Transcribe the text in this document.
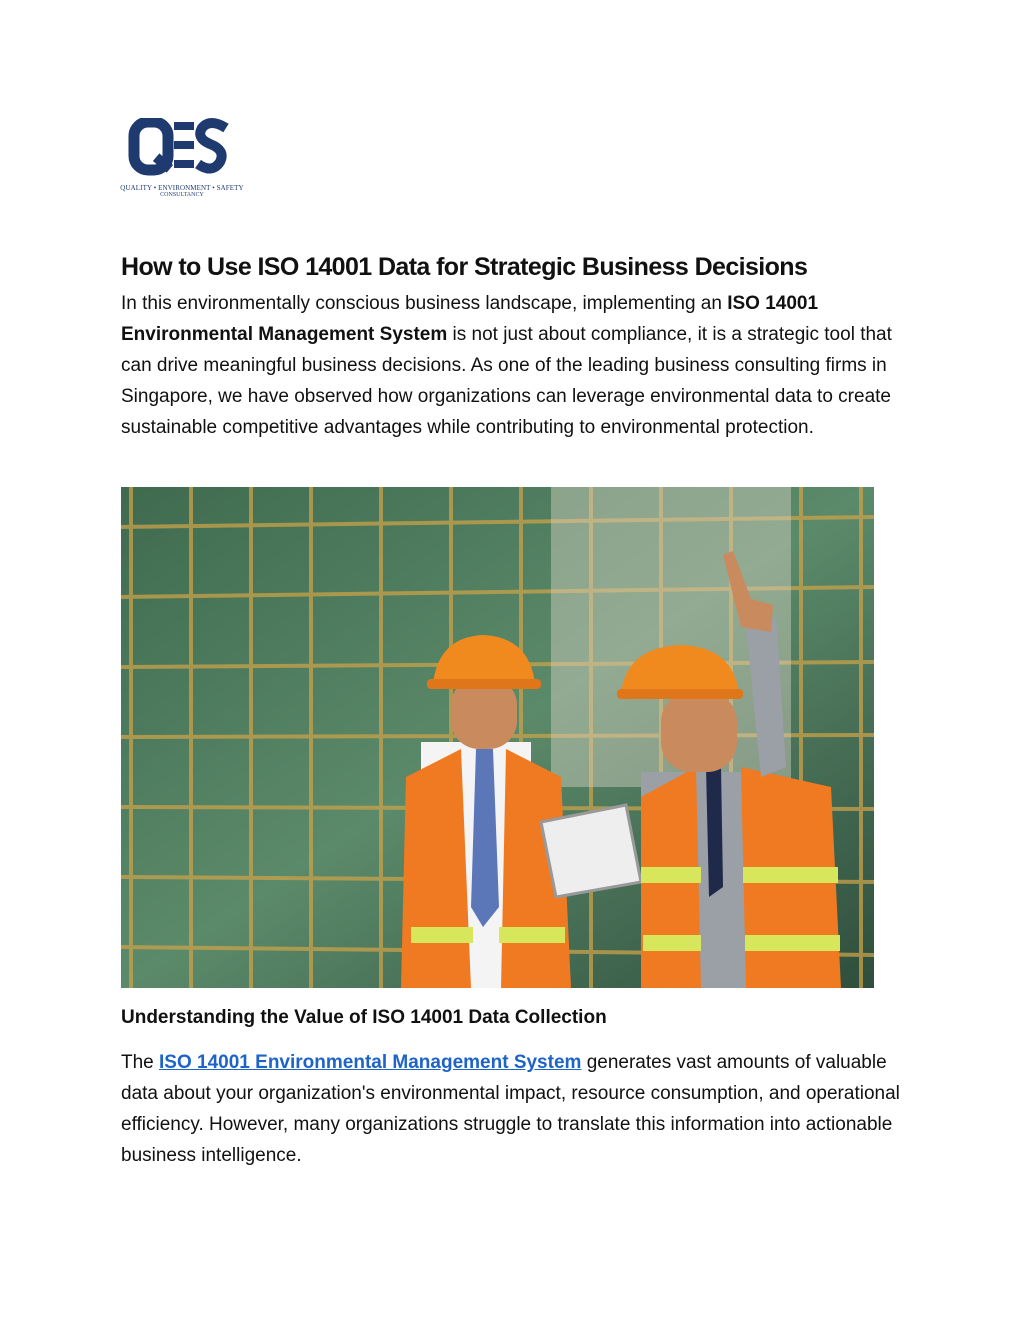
QUALITY • ENVIRONMENT • SAFETY
CONSULTANCY
How to Use ISO 14001 Data for Strategic Business Decisions

In this environmentally conscious business landscape, implementing an ISO 14001 Environmental Management System is not just about compliance, it is a strategic tool that can drive meaningful business decisions. As one of the leading business consulting firms in Singapore, we have observed how organizations can leverage environmental data to create sustainable competitive advantages while contributing to environmental protection.

Understanding the Value of ISO 14001 Data Collection

The ISO 14001 Environmental Management System generates vast amounts of valuable data about your organization's environmental impact, resource consumption, and operational efficiency. However, many organizations struggle to translate this information into actionable business intelligence.
